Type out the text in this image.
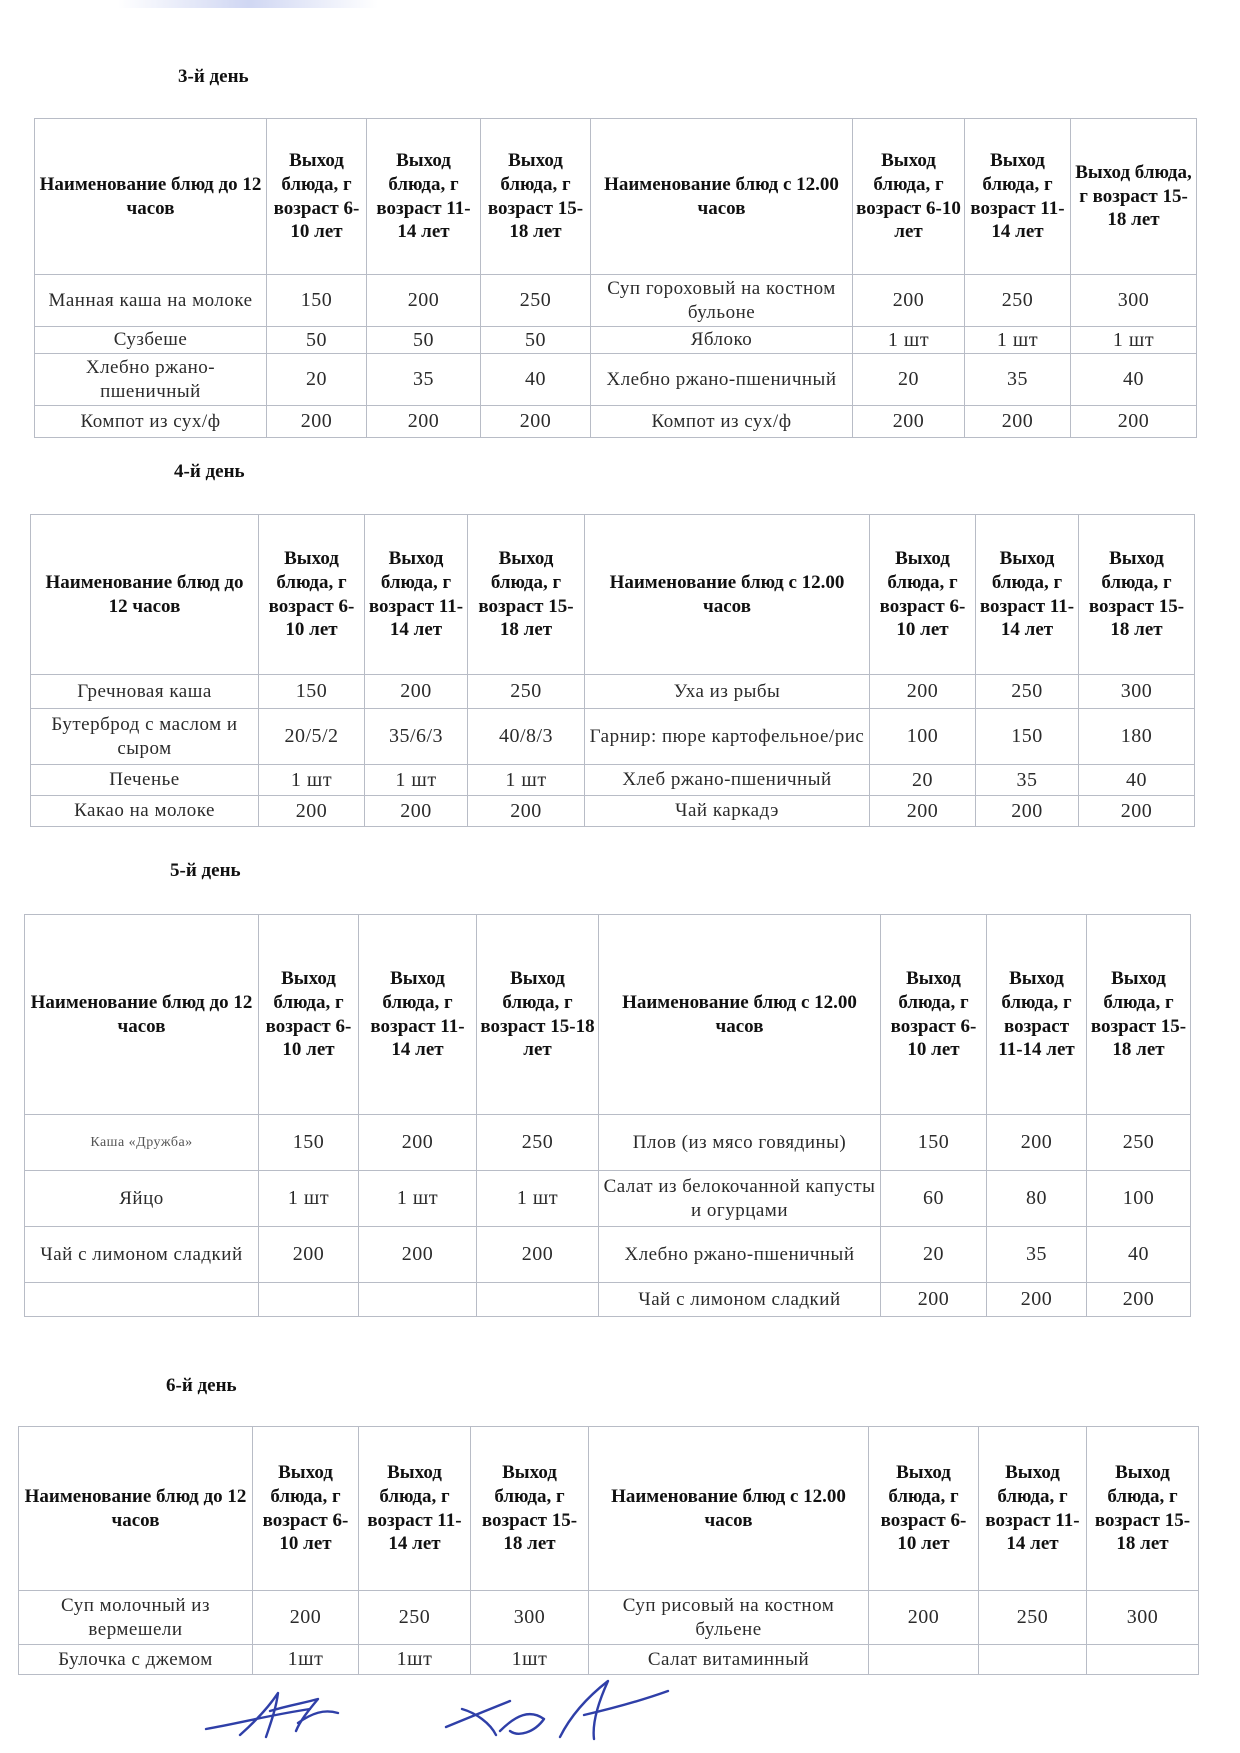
3-й день
Наименование блюд до 12 часов	Выход блюда, г возраст 6-10 лет	Выход блюда, г возраст 11-14 лет	Выход блюда, г возраст 15-18 лет	Наименование блюд с 12.00 часов	Выход блюда, г возраст 6-10 лет	Выход блюда, г возраст 11-14 лет	Выход блюда, г возраст 15-18 лет
Манная каша на молоке	150	200	250	Суп гороховый на костном бульоне	200	250	300
Сузбеше	50	50	50	Яблоко	1 шт	1 шт	1 шт
Хлебно ржано-пшеничный	20	35	40	Хлебно ржано-пшеничный	20	35	40
Компот из сух/ф	200	200	200	Компот из сух/ф	200	200	200
4-й день
Наименование блюд до 12 часов	Выход блюда, г возраст 6-10 лет	Выход блюда, г возраст 11-14 лет	Выход блюда, г возраст 15-18 лет	Наименование блюд с 12.00 часов	Выход блюда, г возраст 6-10 лет	Выход блюда, г возраст 11-14 лет	Выход блюда, г возраст 15-18 лет
Гречновая каша	150	200	250	Уха из рыбы	200	250	300
Бутерброд с маслом и сыром	20/5/2	35/6/3	40/8/3	Гарнир: пюре картофельное/рис	100	150	180
Печенье	1 шт	1 шт	1 шт	Хлеб ржано-пшеничный	20	35	40
Какао на молоке	200	200	200	Чай каркадэ	200	200	200
5-й день
Наименование блюд до 12 часов	Выход блюда, г возраст 6-10 лет	Выход блюда, г возраст 11-14 лет	Выход блюда, г возраст 15-18 лет	Наименование блюд с 12.00 часов	Выход блюда, г возраст 6-10 лет	Выход блюда, г возраст 11-14 лет	Выход блюда, г возраст 15-18 лет
Каша «Дружба»	150	200	250	Плов (из мясо говядины)	150	200	250
Яйцо	1 шт	1 шт	1 шт	Салат из белокочанной капусты и огурцами	60	80	100
Чай с лимоном сладкий	200	200	200	Хлебно ржано-пшеничный	20	35	40
				Чай с лимоном сладкий	200	200	200
6-й день
Наименование блюд до 12 часов	Выход блюда, г возраст 6-10 лет	Выход блюда, г возраст 11-14 лет	Выход блюда, г возраст 15-18 лет	Наименование блюд с 12.00 часов	Выход блюда, г возраст 6-10 лет	Выход блюда, г возраст 11-14 лет	Выход блюда, г возраст 15-18 лет
Суп молочный из вермешели	200	250	300	Суп рисовый на костном бульене	200	250	300
Булочка с джемом	1шт	1шт	1шт	Салат витаминный			
